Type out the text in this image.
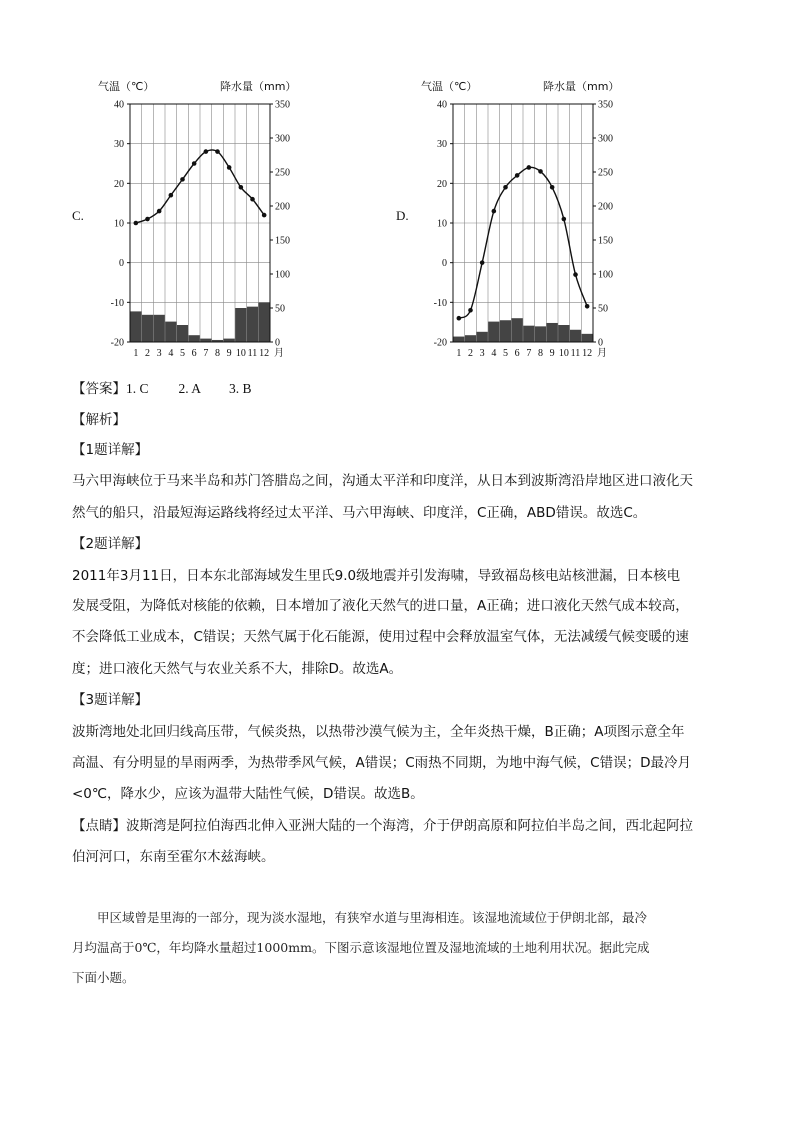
C.
气温（℃）	降水量（mm）
40
30
20
10
0
-10
-20
350
300
250
200
150
100
50
0
1 2 3 4 5 6 7 8 9 10 11 12 月
D.
气温（℃）	降水量（mm）
40
30
20
10
0
-10
-20
350
300
250
200
150
100
50
0
1 2 3 4 5 6 7 8 9 10 11 12 月
【答案】1. C 2. A 3. B
【解析】
【1题详解】
马六甲海峡位于马来半岛和苏门答腊岛之间，沟通太平洋和印度洋，从日本到波斯湾沿岸地区进口液化天
然气的船只，沿最短海运路线将经过太平洋、马六甲海峡、印度洋，C正确，ABD错误。故选C。
【2题详解】
2011年3月11日，日本东北部海域发生里氏9.0级地震并引发海啸，导致福岛核电站核泄漏，日本核电
发展受阻，为降低对核能的依赖，日本增加了液化天然气的进口量，A正确；进口液化天然气成本较高，
不会降低工业成本，C错误；天然气属于化石能源，使用过程中会释放温室气体，无法减缓气候变暖的速
度；进口液化天然气与农业关系不大，排除D。故选A。
【3题详解】
波斯湾地处北回归线高压带，气候炎热，以热带沙漠气候为主，全年炎热干燥，B正确；A项图示意全年
高温、有分明显的旱雨两季，为热带季风气候，A错误；C雨热不同期，为地中海气候，C错误；D最冷月
<0℃，降水少，应该为温带大陆性气候，D错误。故选B。
【点睛】波斯湾是阿拉伯海西北伸入亚洲大陆的一个海湾，介于伊朗高原和阿拉伯半岛之间，西北起阿拉
伯河河口，东南至霍尔木兹海峡。
　　甲区域曾是里海的一部分，现为淡水湿地，有狭窄水道与里海相连。该湿地流域位于伊朗北部，最冷
月均温高于0℃，年均降水量超过1000mm。下图示意该湿地位置及湿地流域的土地利用状况。据此完成
下面小题。
